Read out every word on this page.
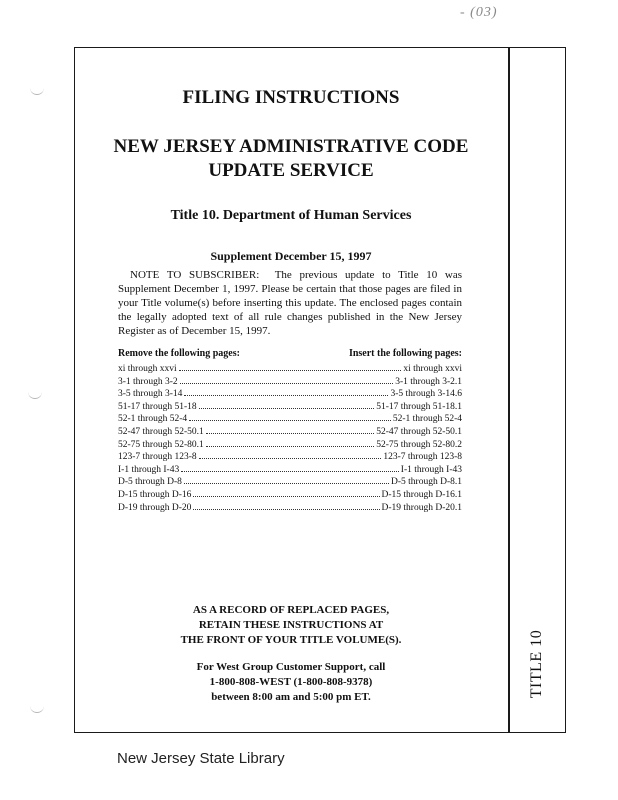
- (03)
TITLE 10
FILING INSTRUCTIONS
NEW JERSEY ADMINISTRATIVE CODE
UPDATE SERVICE
Title 10. Department of Human Services
Supplement December 15, 1997
NOTE TO SUBSCRIBER: The previous update to Title 10 was Supplement December 1, 1997. Please be certain that those pages are filed in your Title volume(s) before inserting this update. The enclosed pages contain the legally adopted text of all rule changes published in the New Jersey Register as of December 15, 1997.
Remove the following pages:	Insert the following pages:
xi through xxvi	xi through xxvi
3-1 through 3-2	3-1 through 3-2.1
3-5 through 3-14	3-5 through 3-14.6
51-17 through 51-18	51-17 through 51-18.1
52-1 through 52-4	52-1 through 52-4
52-47 through 52-50.1	52-47 through 52-50.1
52-75 through 52-80.1	52-75 through 52-80.2
123-7 through 123-8	123-7 through 123-8
I-1 through I-43	I-1 through I-43
D-5 through D-8	D-5 through D-8.1
D-15 through D-16	D-15 through D-16.1
D-19 through D-20	D-19 through D-20.1
AS A RECORD OF REPLACED PAGES,
RETAIN THESE INSTRUCTIONS AT
THE FRONT OF YOUR TITLE VOLUME(S).
For West Group Customer Support, call
1-800-808-WEST (1-800-808-9378)
between 8:00 am and 5:00 pm ET.
New Jersey State Library
